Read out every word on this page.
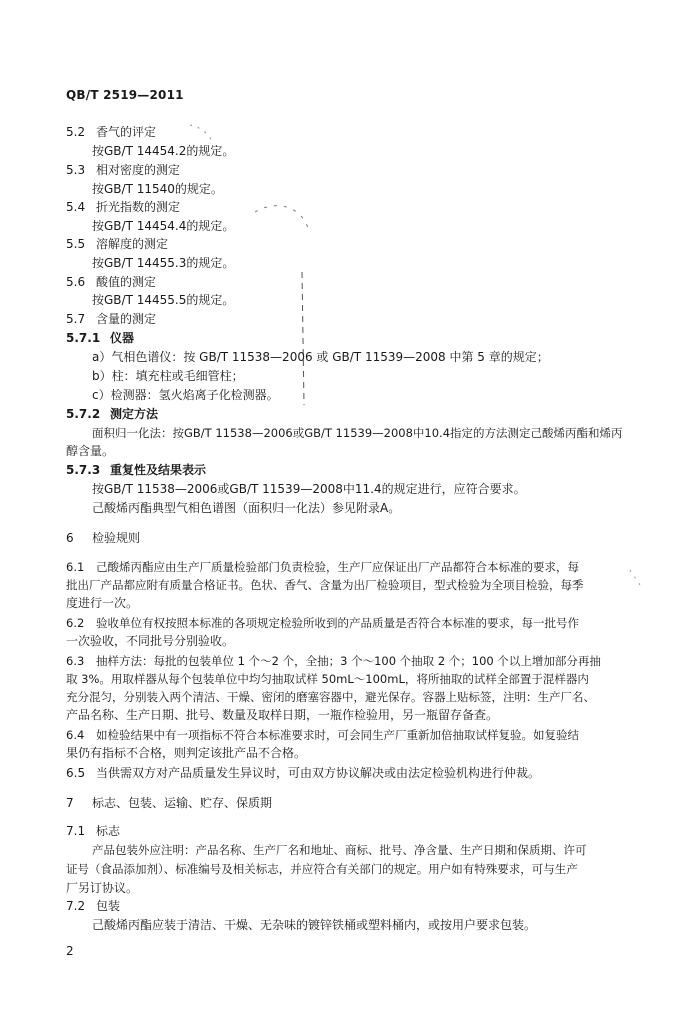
QB/T 2519—2011
5.2 香气的评定
按GB/T 14454.2的规定。
5.3 相对密度的测定
按GB/T 11540的规定。
5.4 折光指数的测定
按GB/T 14454.4的规定。
5.5 溶解度的测定
按GB/T 14455.3的规定。
5.6 酸值的测定
按GB/T 14455.5的规定。
5.7 含量的测定
5.7.1 仪器
a）气相色谱仪：按 GB/T 11538—2006 或 GB/T 11539—2008 中第 5 章的规定；
b）柱：填充柱或毛细管柱；
c）检测器：氢火焰离子化检测器。
5.7.2 测定方法
面积归一化法：按GB/T 11538—2006或GB/T 11539—2008中10.4指定的方法测定己酸烯丙酯和烯丙
醇含量。
5.7.3 重复性及结果表示
按GB/T 11538—2006或GB/T 11539—2008中11.4的规定进行，应符合要求。
己酸烯丙酯典型气相色谱图（面积归一化法）参见附录A。
6 检验规则
6.1 己酸烯丙酯应由生产厂质量检验部门负责检验，生产厂应保证出厂产品都符合本标准的要求，每
批出厂产品都应附有质量合格证书。色状、香气、含量为出厂检验项目，型式检验为全项目检验，每季
度进行一次。
6.2 验收单位有权按照本标准的各项规定检验所收到的产品质量是否符合本标准的要求，每一批号作
一次验收，不同批号分别验收。
6.3 抽样方法：每批的包装单位 1 个～2 个，全抽；3 个～100 个抽取 2 个；100 个以上增加部分再抽
取 3%。用取样器从每个包装单位中均匀抽取试样 50mL～100mL，将所抽取的试样全部置于混样器内
充分混匀，分别装入两个清洁、干燥、密闭的磨塞容器中，避光保存。容器上贴标签，注明：生产厂名、
产品名称、生产日期、批号、数量及取样日期，一瓶作检验用，另一瓶留存备查。
6.4 如检验结果中有一项指标不符合本标准要求时，可会同生产厂重新加倍抽取试样复验。如复验结
果仍有指标不合格，则判定该批产品不合格。
6.5 当供需双方对产品质量发生异议时，可由双方协议解决或由法定检验机构进行仲裁。
7 标志、包装、运输、贮存、保质期
7.1 标志
产品包装外应注明：产品名称、生产厂名和地址、商标、批号、净含量、生产日期和保质期、许可
证号（食品添加剂）、标准编号及相关标志，并应符合有关部门的规定。用户如有特殊要求，可与生产
厂另订协议。
7.2 包装
己酸烯丙酯应装于清洁、干燥、无杂味的镀锌铁桶或塑料桶内，或按用户要求包装。
2
